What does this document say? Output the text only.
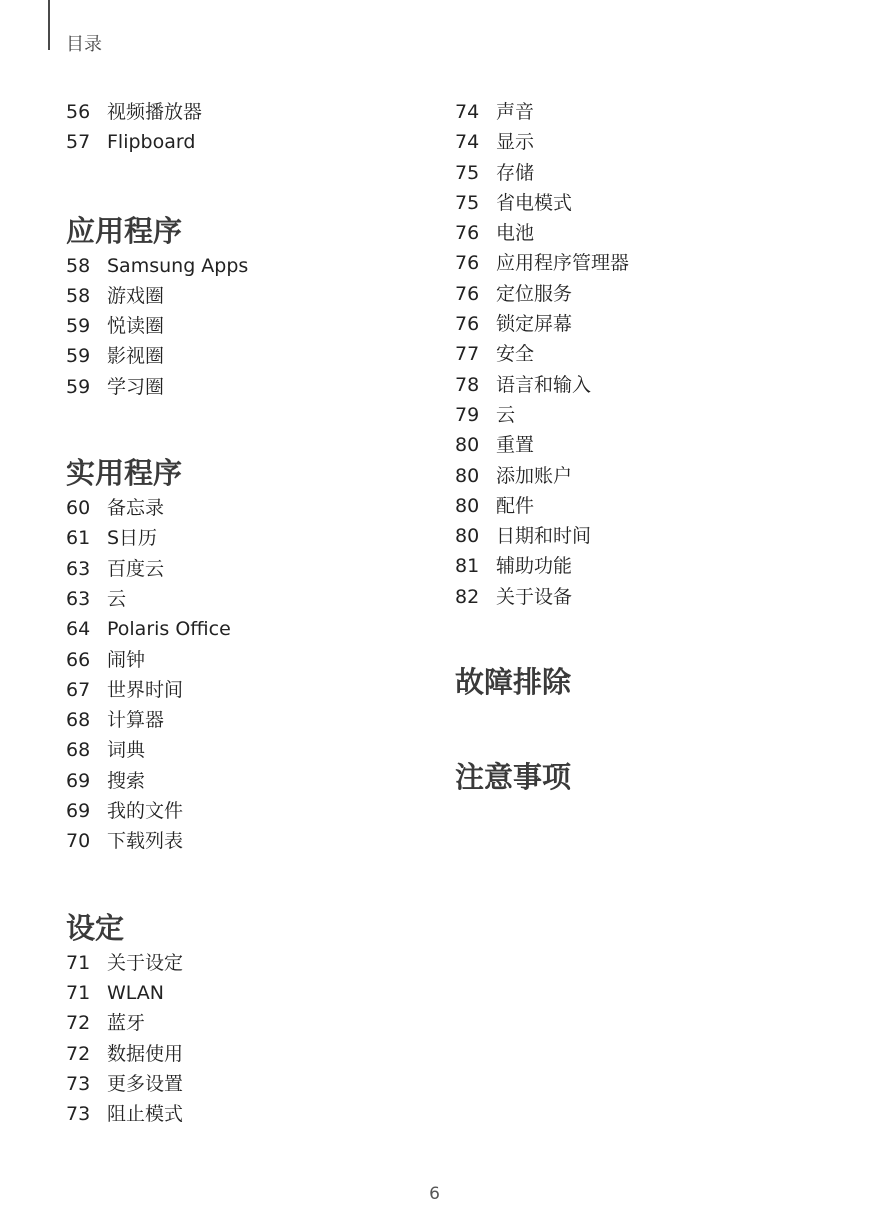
目录
56 视频播放器
57 Flipboard
应用程序
58 Samsung Apps
58 游戏圈
59 悦读圈
59 影视圈
59 学习圈
实用程序
60 备忘录
61 S日历
63 百度云
63 云
64 Polaris Office
66 闹钟
67 世界时间
68 计算器
68 词典
69 搜索
69 我的文件
70 下载列表
设定
71 关于设定
71 WLAN
72 蓝牙
72 数据使用
73 更多设置
73 阻止模式
74 声音
74 显示
75 存储
75 省电模式
76 电池
76 应用程序管理器
76 定位服务
76 锁定屏幕
77 安全
78 语言和输入
79 云
80 重置
80 添加账户
80 配件
80 日期和时间
81 辅助功能
82 关于设备
故障排除
注意事项
6
